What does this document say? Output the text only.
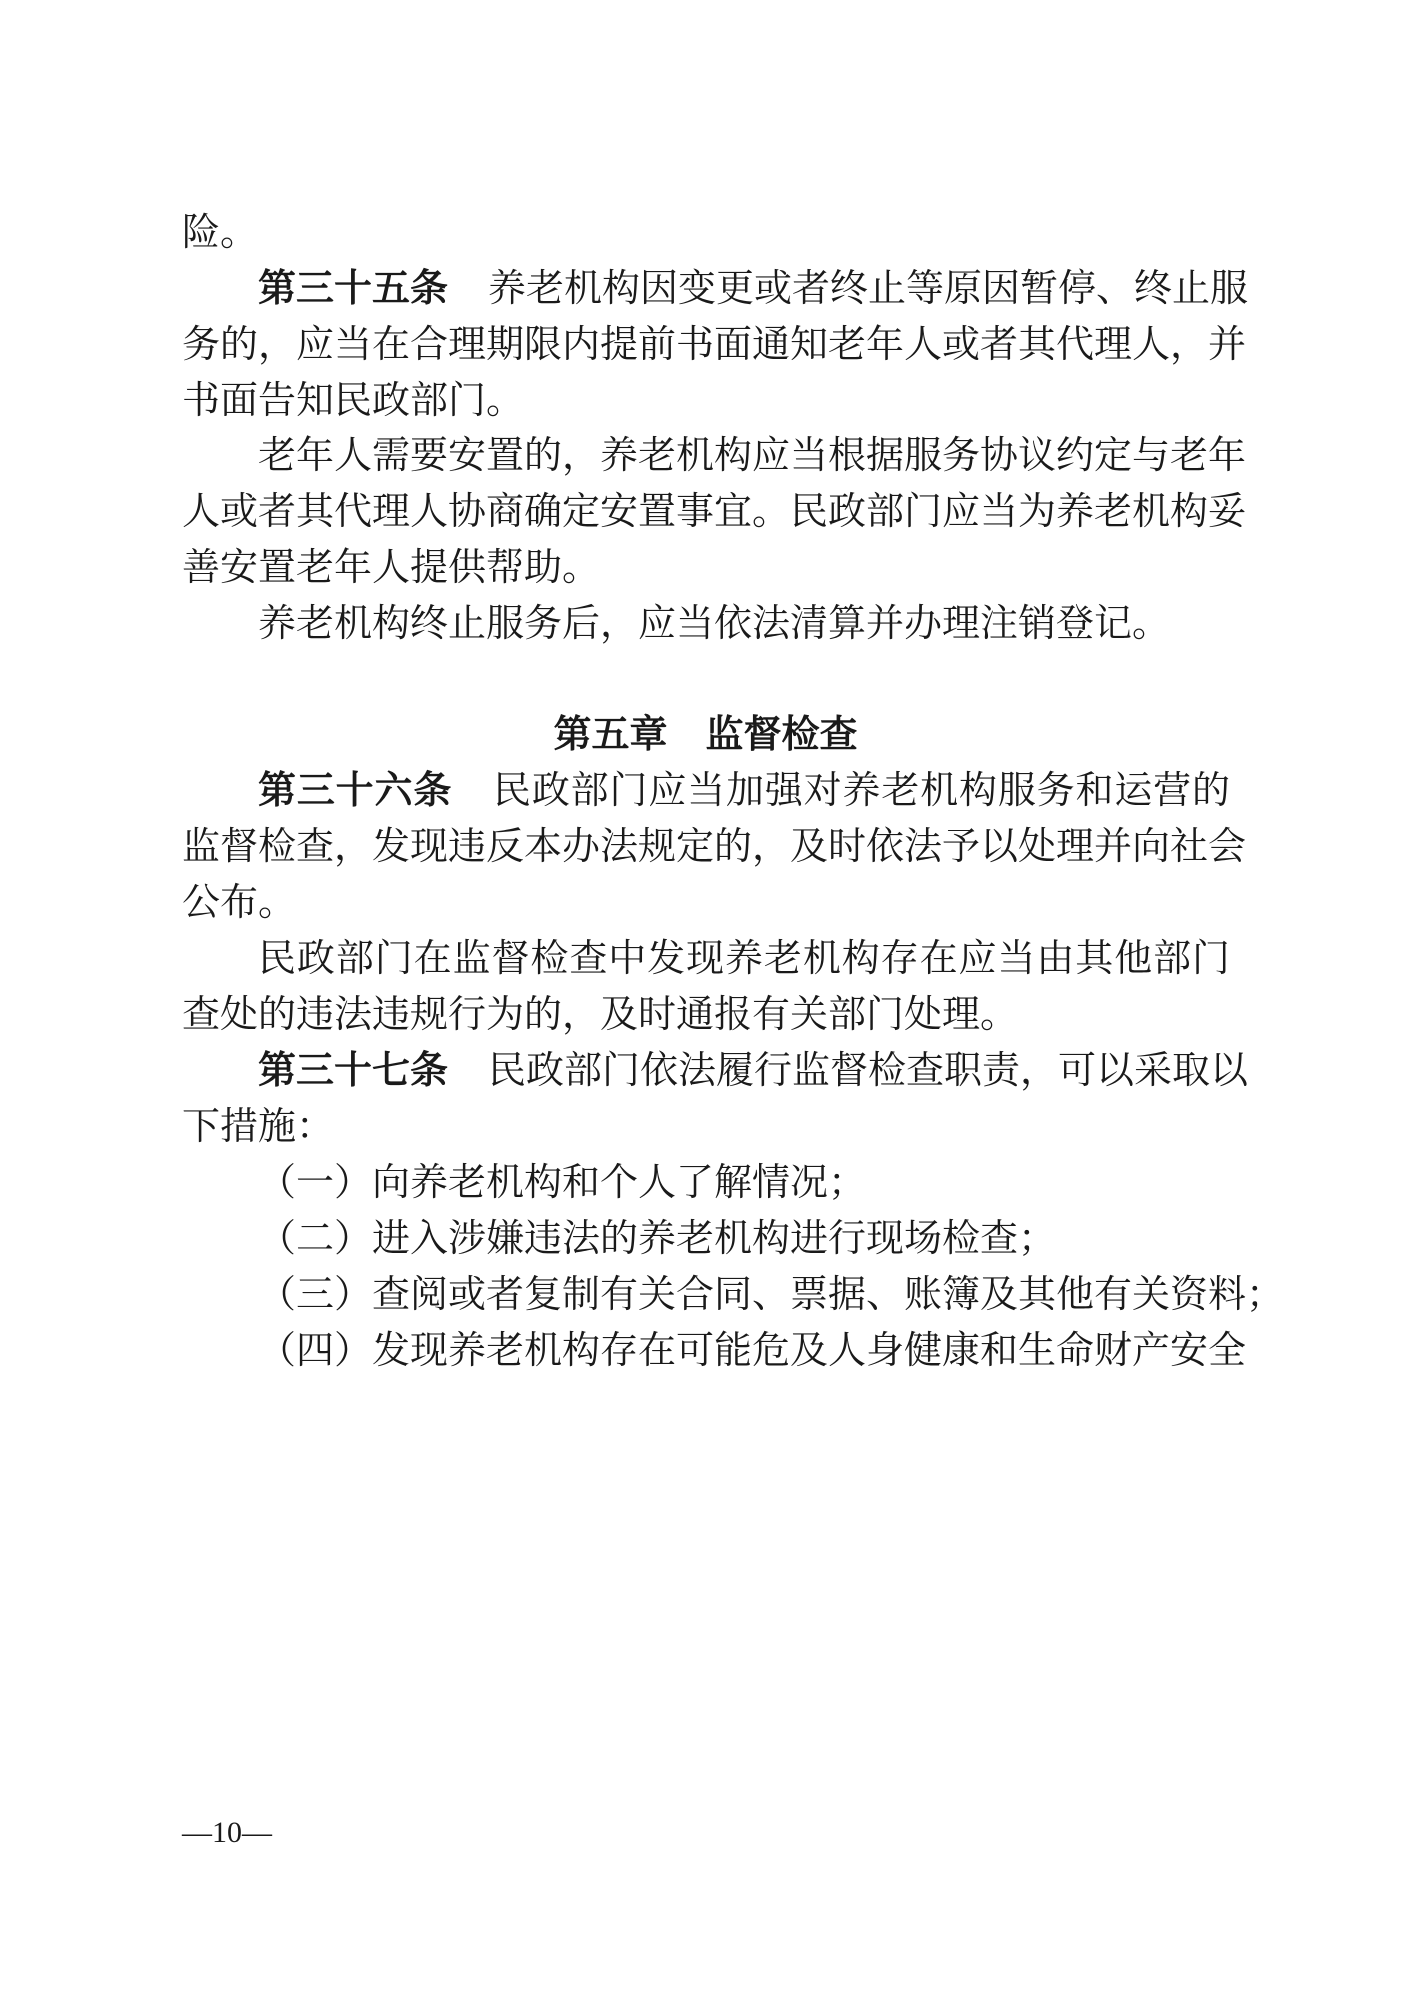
险。
第三十五条 养老机构因变更或者终止等原因暂停、终止服
务的，应当在合理期限内提前书面通知老年人或者其代理人，并
书面告知民政部门。
老年人需要安置的，养老机构应当根据服务协议约定与老年
人或者其代理人协商确定安置事宜。民政部门应当为养老机构妥
善安置老年人提供帮助。
养老机构终止服务后，应当依法清算并办理注销登记。
第五章　监督检查
第三十六条 民政部门应当加强对养老机构服务和运营的
监督检查，发现违反本办法规定的，及时依法予以处理并向社会
公布。
民政部门在监督检查中发现养老机构存在应当由其他部门
查处的违法违规行为的，及时通报有关部门处理。
第三十七条 民政部门依法履行监督检查职责，可以采取以
下措施：
（一）向养老机构和个人了解情况；
（二）进入涉嫌违法的养老机构进行现场检查；
（三）查阅或者复制有关合同、票据、账簿及其他有关资料；
（四）发现养老机构存在可能危及人身健康和生命财产安全
—10—
